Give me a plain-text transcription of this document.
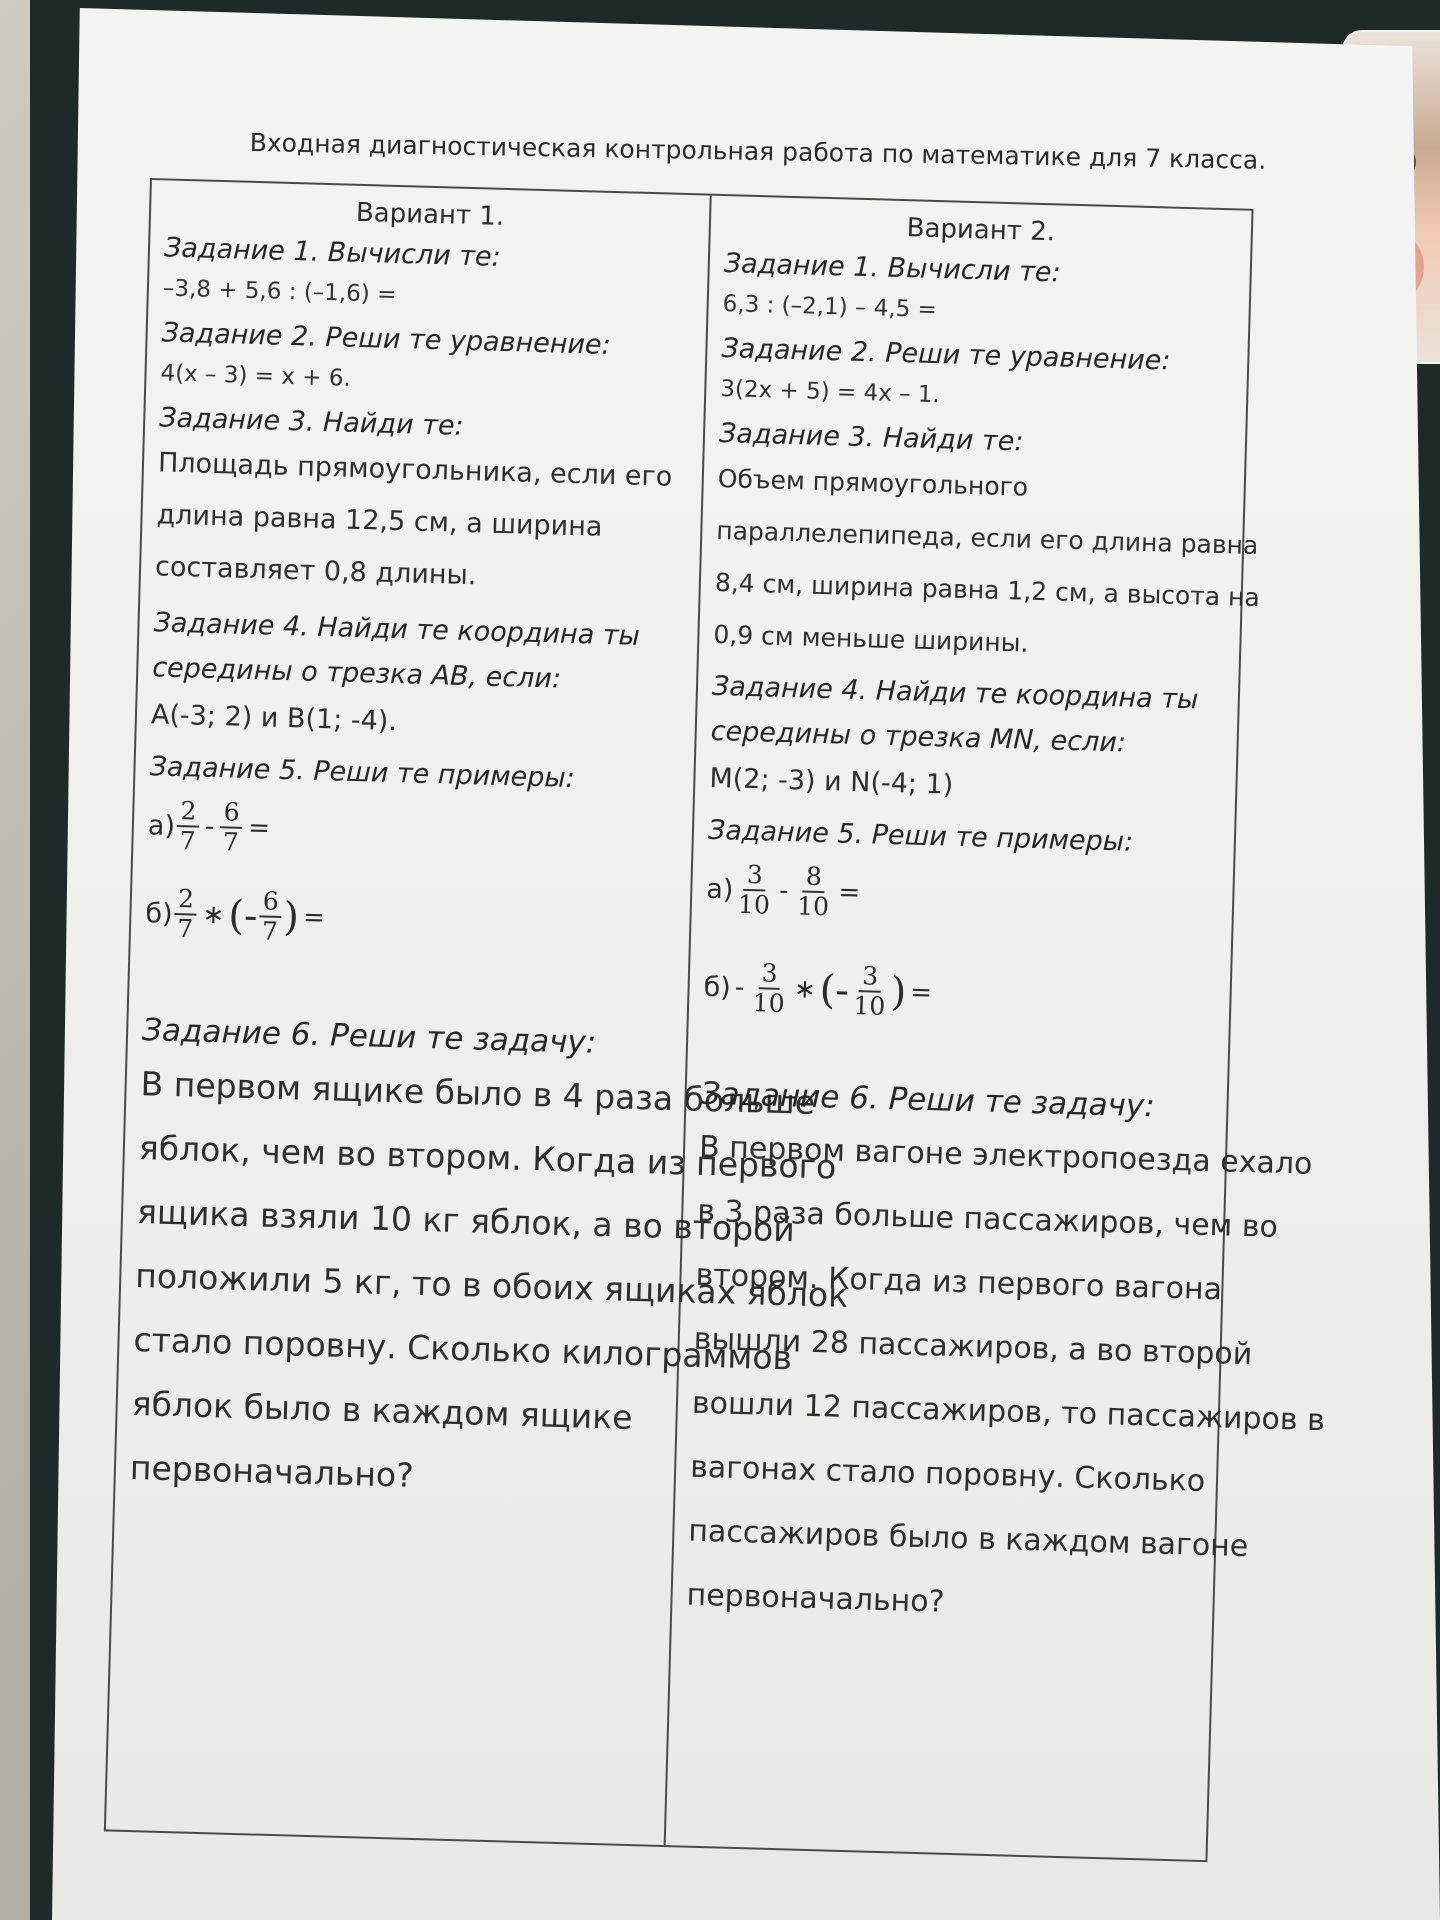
Входная диагностическая контрольная работа по математике для 7 класса.
Вариант 1.
Задание 1. Вычисли те:
–3,8 + 5,6 : (–1,6) =
Задание 2. Реши те уравнение:
4(x – 3) = x + 6.
Задание 3. Найди те:
Площадь прямоугольника, если его
длина равна 12,5 см, а ширина
составляет 0,8 длины.
Задание 4. Найди те координа ты
середины о трезка AB, если:
A(-3; 2) и B(1; -4).
Задание 5. Реши те примеры:
$а) \frac{2}{7} - \frac{6}{7}$ =
$б) \frac{2}{7}$ ∗ (- $\frac{6}{7}$ ) =
Задание 6. Реши те задачу:
В первом ящике было в 4 раза больше
яблок, чем во втором. Когда из первого
ящика взяли 10 кг яблок, а во второй
положили 5 кг, то в обоих ящиках яблок
стало поровну. Сколько килограммов
яблок было в каждом ящике
первоначально?
Вариант 2.
Задание 1. Вычисли те:
6,3 : (–2,1) – 4,5 =
Задание 2. Реши те уравнение:
3(2x + 5) = 4x – 1.
Задание 3. Найди те:
Объем прямоугольного
параллелепипеда, если его длина равна
8,4 см, ширина равна 1,2 см, а высота на
0,9 см меньше ширины.
Задание 4. Найди те координа ты
середины о трезка MN, если:
M(2; -3) и N(-4; 1)
Задание 5. Реши те примеры:
$а) \frac{3}{10} - \frac{8}{10}$ =
$б) - \frac{3}{10}$ ∗ (- $\frac{3}{10}$ ) =
Задание 6. Реши те задачу:
В первом вагоне электропоезда ехало
в 3 раза больше пассажиров, чем во
втором. Когда из первого вагона
вышли 28 пассажиров, а во второй
вошли 12 пассажиров, то пассажиров в
вагонах стало поровну. Сколько
пассажиров было в каждом вагоне
первоначально?
